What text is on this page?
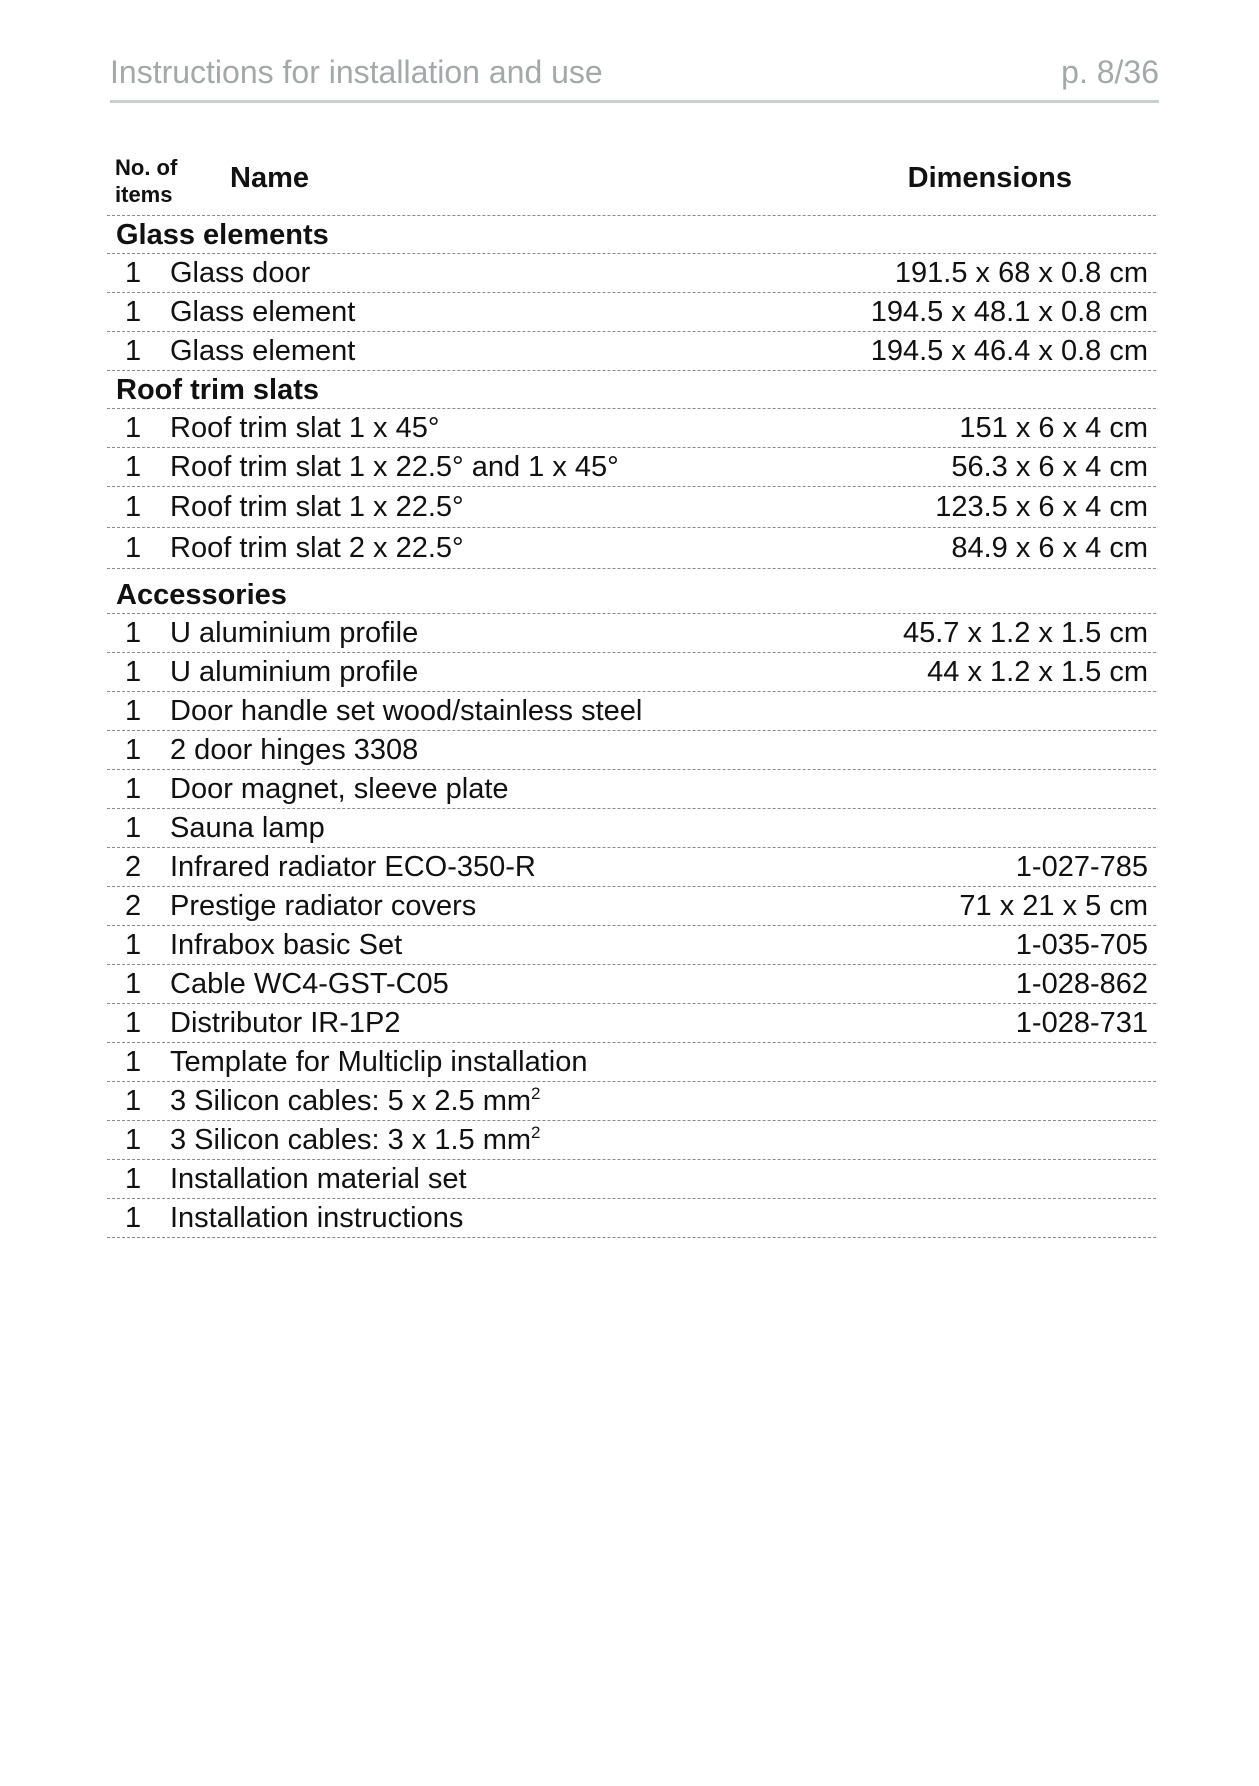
Instructions for installation and use	p. 8/36
No. of
items
Name	Dimensions
Glass elements
1 Glass door	191.5 x 68 x 0.8 cm
1 Glass element	194.5 x 48.1 x 0.8 cm
1 Glass element	194.5 x 46.4 x 0.8 cm
Roof trim slats
1 Roof trim slat 1 x 45°	151 x 6 x 4 cm
1 Roof trim slat 1 x 22.5° and 1 x 45°	56.3 x 6 x 4 cm
1 Roof trim slat 1 x 22.5°	123.5 x 6 x 4 cm
1 Roof trim slat 2 x 22.5°	84.9 x 6 x 4 cm
Accessories
1 U aluminium profile	45.7 x 1.2 x 1.5 cm
1 U aluminium profile	44 x 1.2 x 1.5 cm
1 Door handle set wood/stainless steel
1 2 door hinges 3308
1 Door magnet, sleeve plate
1 Sauna lamp
2 Infrared radiator ECO-350-R	1-027-785
2 Prestige radiator covers	71 x 21 x 5 cm
1 Infrabox basic Set	1-035-705
1 Cable WC4-GST-C05	1-028-862
1 Distributor IR-1P2	1-028-731
1 Template for Multiclip installation
1 3 Silicon cables: 5 x 2.5 $mm^2$
1 3 Silicon cables: 3 x 1.5 $mm^2$
1 Installation material set
1 Installation instructions
